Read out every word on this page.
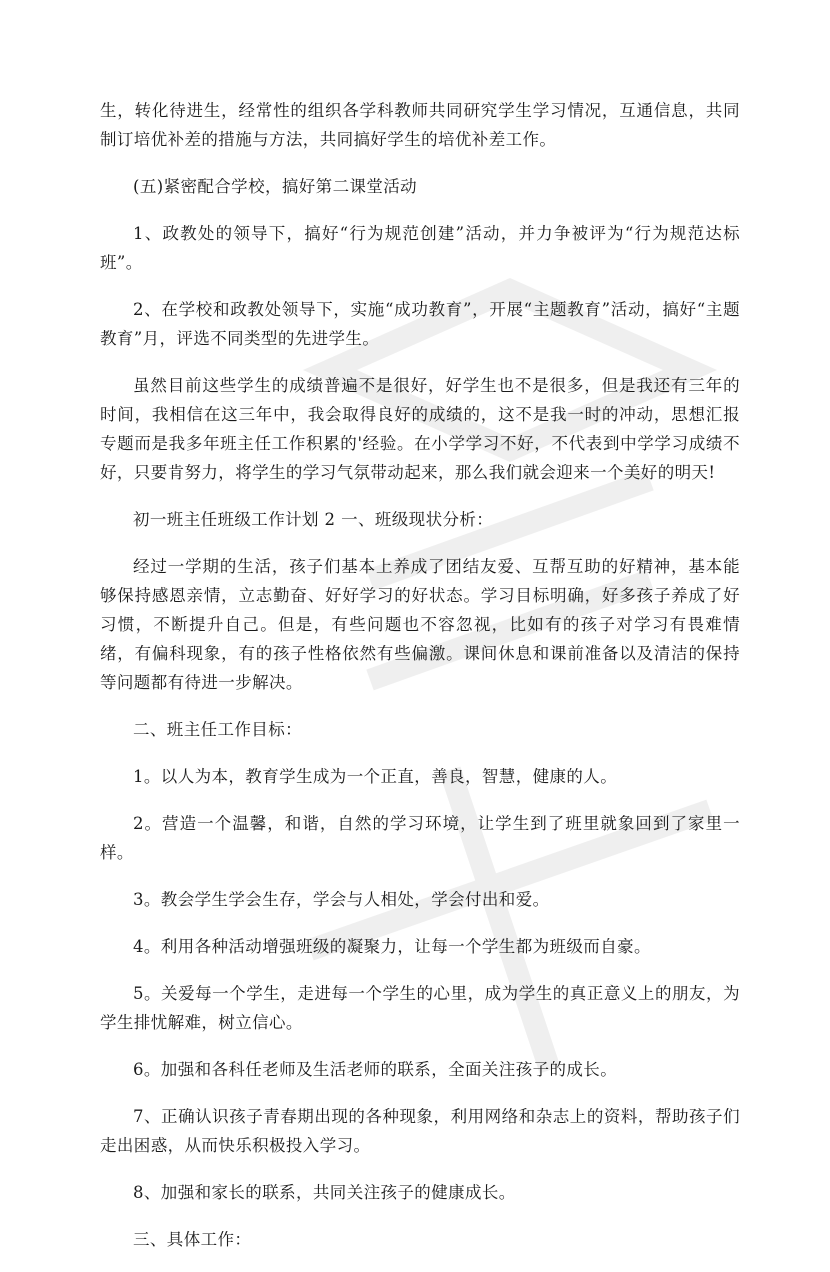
生，转化待进生，经常性的组织各学科教师共同研究学生学习情况，互通信息，共同制订培优补差的措施与方法，共同搞好学生的培优补差工作。

(五)紧密配合学校，搞好第二课堂活动

1、政教处的领导下，搞好“行为规范创建”活动，并力争被评为“行为规范达标班”。

2、在学校和政教处领导下，实施“成功教育”，开展“主题教育”活动，搞好“主题教育”月，评选不同类型的先进学生。

虽然目前这些学生的成绩普遍不是很好，好学生也不是很多，但是我还有三年的时间，我相信在这三年中，我会取得良好的成绩的，这不是我一时的冲动，思想汇报专题而是我多年班主任工作积累的'经验。在小学学习不好，不代表到中学学习成绩不好，只要肯努力，将学生的学习气氛带动起来，那么我们就会迎来一个美好的明天!

初一班主任班级工作计划 2 一、班级现状分析：

经过一学期的生活，孩子们基本上养成了团结友爱、互帮互助的好精神，基本能够保持感恩亲情，立志勤奋、好好学习的好状态。学习目标明确，好多孩子养成了好习惯，不断提升自己。但是，有些问题也不容忽视，比如有的孩子对学习有畏难情绪，有偏科现象，有的孩子性格依然有些偏激。课间休息和课前准备以及清洁的保持等问题都有待进一步解决。

二、班主任工作目标：

1。以人为本，教育学生成为一个正直，善良，智慧，健康的人。

2。营造一个温馨，和谐，自然的学习环境，让学生到了班里就象回到了家里一样。

3。教会学生学会生存，学会与人相处，学会付出和爱。

4。利用各种活动增强班级的凝聚力，让每一个学生都为班级而自豪。

5。关爱每一个学生，走进每一个学生的心里，成为学生的真正意义上的朋友，为学生排忧解难，树立信心。

6。加强和各科任老师及生活老师的联系，全面关注孩子的成长。

7、正确认识孩子青春期出现的各种现象，利用网络和杂志上的资料，帮助孩子们走出困惑，从而快乐积极投入学习。

8、加强和家长的联系，共同关注孩子的健康成长。

三、具体工作：
